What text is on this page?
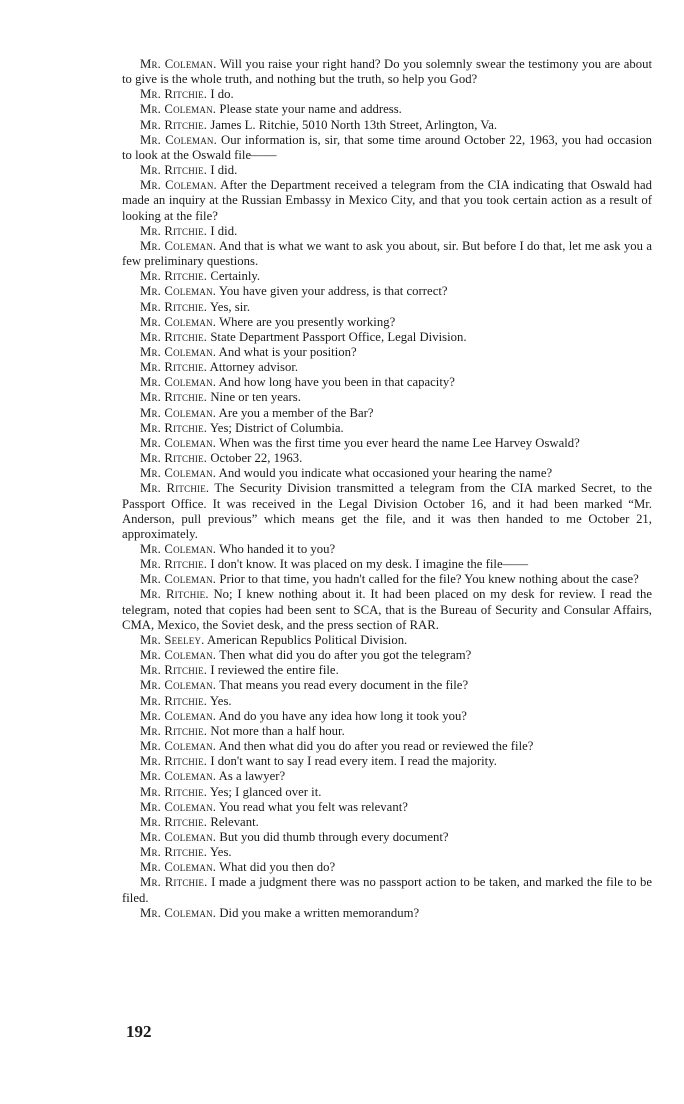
Mr. Coleman. Will you raise your right hand? Do you solemnly swear the testimony you are about to give is the whole truth, and nothing but the truth, so help you God?

Mr. Ritchie. I do.

Mr. Coleman. Please state your name and address.

Mr. Ritchie. James L. Ritchie, 5010 North 13th Street, Arlington, Va.

Mr. Coleman. Our information is, sir, that some time around October 22, 1963, you had occasion to look at the Oswald file——

Mr. Ritchie. I did.

Mr. Coleman. After the Department received a telegram from the CIA indicating that Oswald had made an inquiry at the Russian Embassy in Mexico City, and that you took certain action as a result of looking at the file?

Mr. Ritchie. I did.

Mr. Coleman. And that is what we want to ask you about, sir. But before I do that, let me ask you a few preliminary questions.

Mr. Ritchie. Certainly.

Mr. Coleman. You have given your address, is that correct?

Mr. Ritchie. Yes, sir.

Mr. Coleman. Where are you presently working?

Mr. Ritchie. State Department Passport Office, Legal Division.

Mr. Coleman. And what is your position?

Mr. Ritchie. Attorney advisor.

Mr. Coleman. And how long have you been in that capacity?

Mr. Ritchie. Nine or ten years.

Mr. Coleman. Are you a member of the Bar?

Mr. Ritchie. Yes; District of Columbia.

Mr. Coleman. When was the first time you ever heard the name Lee Harvey Oswald?

Mr. Ritchie. October 22, 1963.

Mr. Coleman. And would you indicate what occasioned your hearing the name?

Mr. Ritchie. The Security Division transmitted a telegram from the CIA marked Secret, to the Passport Office. It was received in the Legal Division October 16, and it had been marked “Mr. Anderson, pull previous” which means get the file, and it was then handed to me October 21, approximately.

Mr. Coleman. Who handed it to you?

Mr. Ritchie. I don't know. It was placed on my desk. I imagine the file——

Mr. Coleman. Prior to that time, you hadn't called for the file? You knew nothing about the case?

Mr. Ritchie. No; I knew nothing about it. It had been placed on my desk for review. I read the telegram, noted that copies had been sent to SCA, that is the Bureau of Security and Consular Affairs, CMA, Mexico, the Soviet desk, and the press section of RAR.

Mr. Seeley. American Republics Political Division.

Mr. Coleman. Then what did you do after you got the telegram?

Mr. Ritchie. I reviewed the entire file.

Mr. Coleman. That means you read every document in the file?

Mr. Ritchie. Yes.

Mr. Coleman. And do you have any idea how long it took you?

Mr. Ritchie. Not more than a half hour.

Mr. Coleman. And then what did you do after you read or reviewed the file?

Mr. Ritchie. I don't want to say I read every item. I read the majority.

Mr. Coleman. As a lawyer?

Mr. Ritchie. Yes; I glanced over it.

Mr. Coleman. You read what you felt was relevant?

Mr. Ritchie. Relevant.

Mr. Coleman. But you did thumb through every document?

Mr. Ritchie. Yes.

Mr. Coleman. What did you then do?

Mr. Ritchie. I made a judgment there was no passport action to be taken, and marked the file to be filed.

Mr. Coleman. Did you make a written memorandum?

192
